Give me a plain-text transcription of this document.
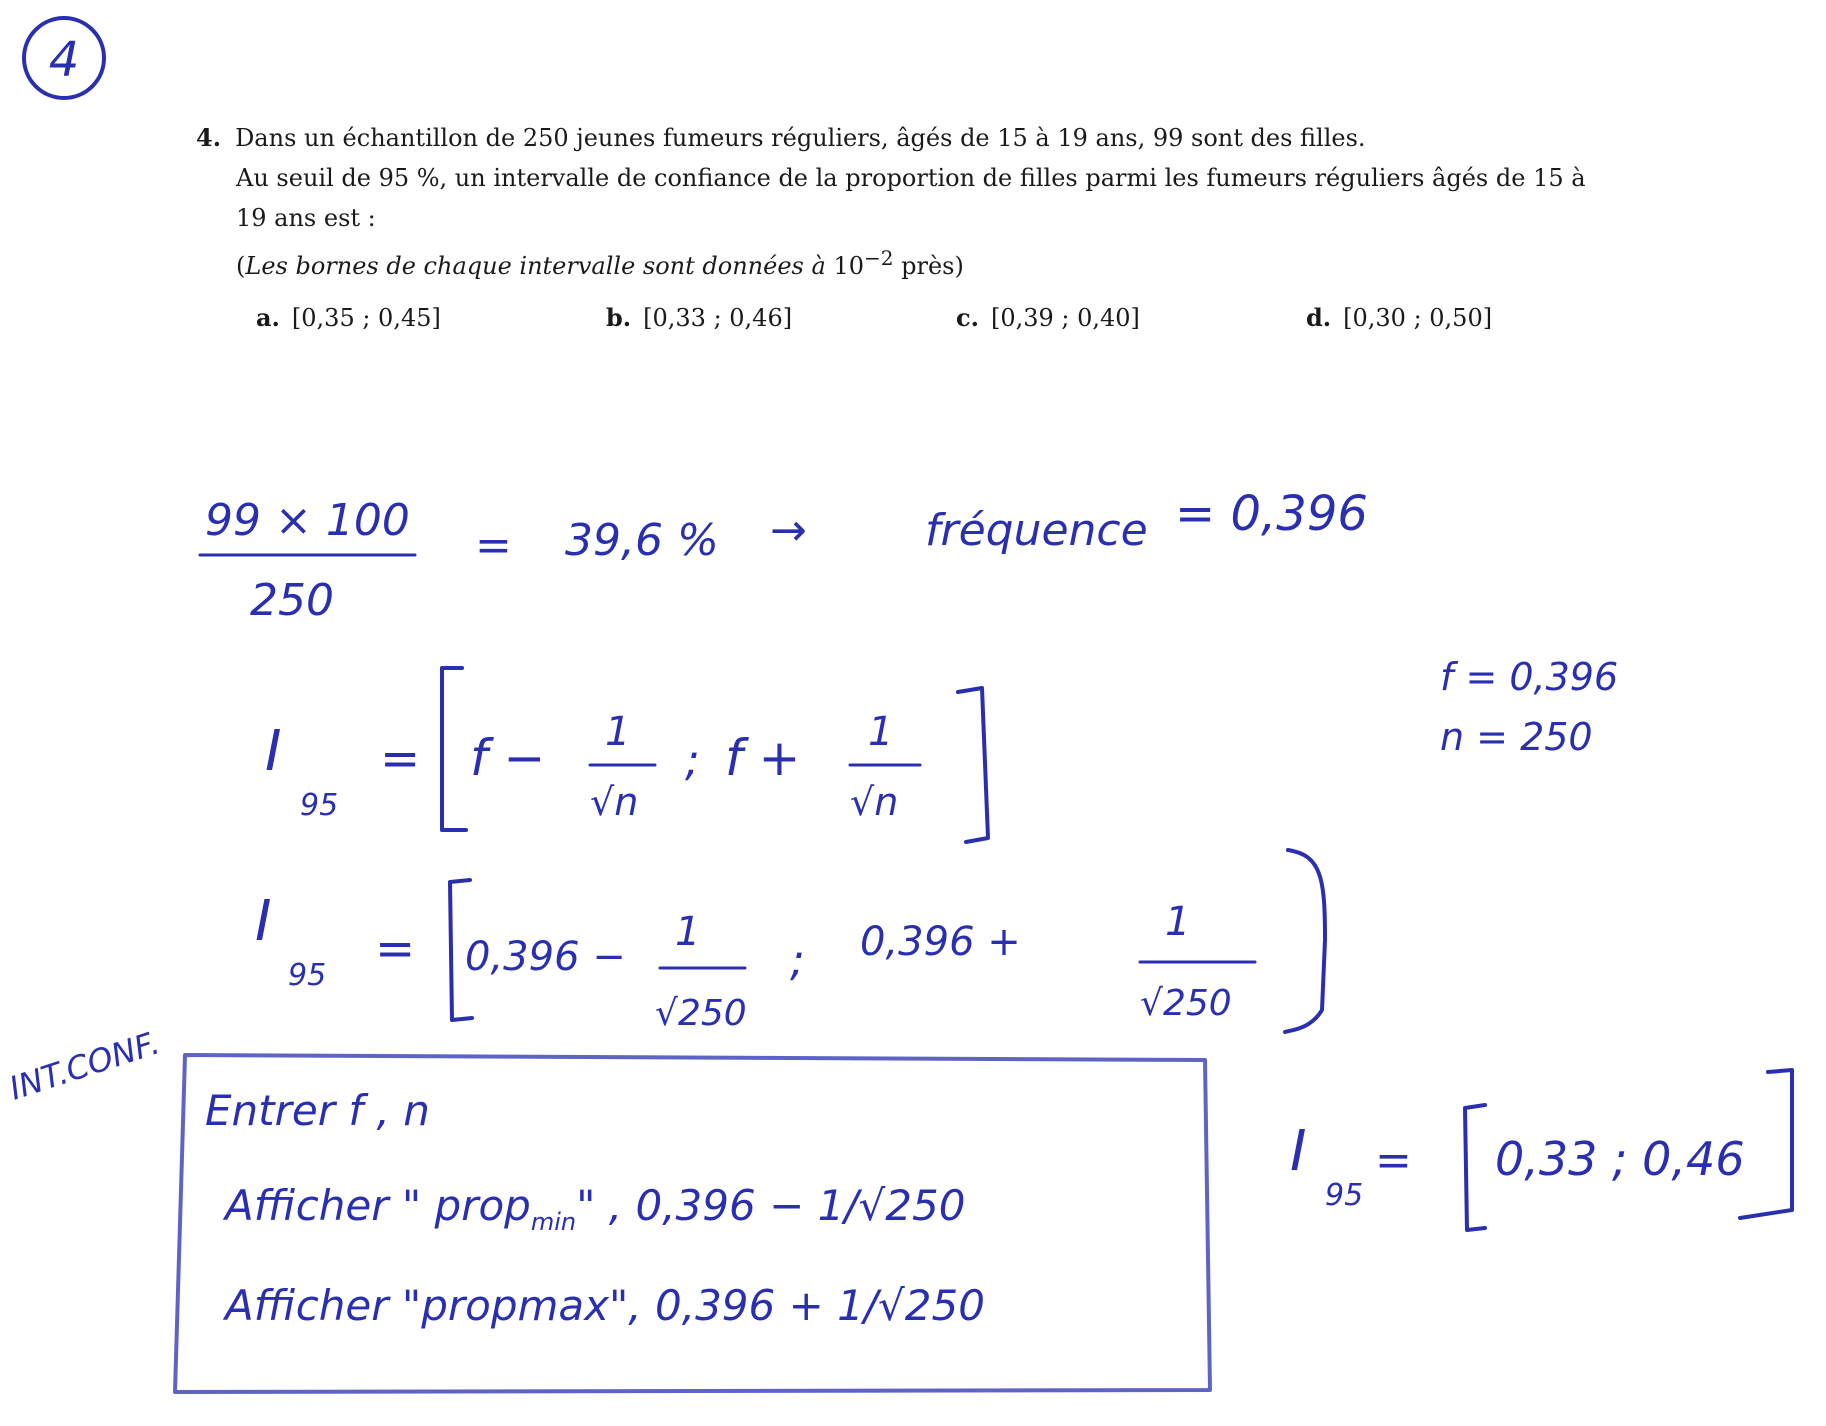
4. Dans un échantillon de 250 jeunes fumeurs réguliers, âgés de 15 à 19 ans, 99 sont des filles.
Au seuil de 95 %, un intervalle de confiance de la proportion de filles parmi les fumeurs réguliers âgés de 15 à
19 ans est :
(Les bornes de chaque intervalle sont données à $10^{-2}$ près)
a. [0,35 ; 0,45]	b. [0,33 ; 0,46]	c. [0,39 ; 0,40]	d. [0,30 ; 0,50]
4
99 × 100
250
= 39,6 % →	fréquence = 0,396
f = 0,396
n = 250
I
95
= f − 1
√n
; f + 1
√n
I
95 = 0,396 −
1
√250
; 0,396 +	1
√250
INT.CONF.
Entrer f , n
Afficher " prop$_{min}$" , 0,396 − 1/√250
Afficher "propmax", 0,396 + 1/√250
I
95
= 0,33 ; 0,46
